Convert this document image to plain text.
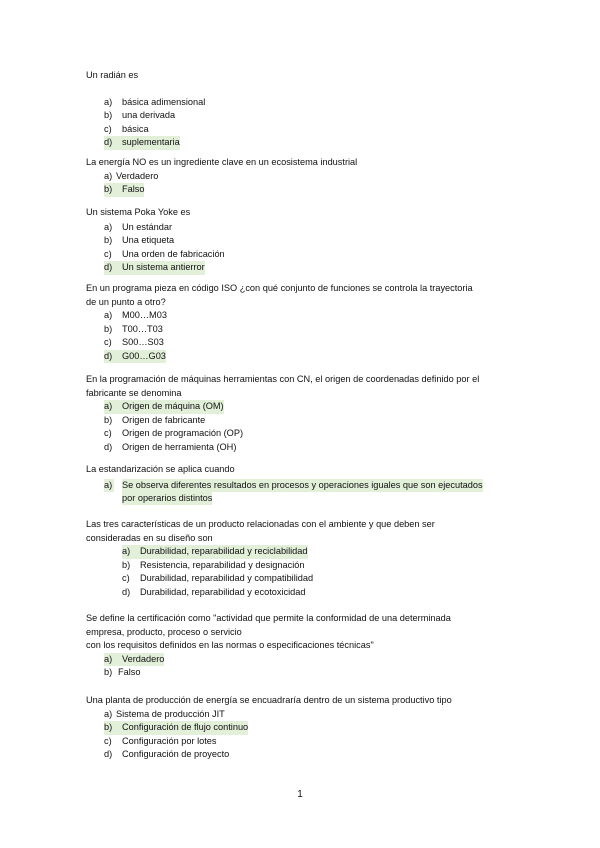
Un radián es

a)	básica adimensional
b)	una derivada
c)	básica
d)	suplementaria

La energía NO es un ingrediente clave en un ecosistema industrial

a) Verdadero
b)	Falso

Un sistema Poka Yoke es

a)	Un estándar
b)	Una etiqueta
c)	Una orden de fabricación
d)	Un sistema antierror

En un programa pieza en código ISO ¿con qué conjunto de funciones se controla la trayectoria

de un punto a otro?

a)	M00…M03
b)	T00…T03
c)	S00…S03
d)	G00…G03

En la programación de máquinas herramientas con CN, el origen de coordenadas definido por el

fabricante se denomina

a)	Origen de máquina (OM)
b)	Origen de fabricante
c)	Origen de programación (OP)
d)	Origen de herramienta (OH)

La estandarización se aplica cuando

a) Se observa diferentes resultados en procesos y operaciones iguales que son ejecutados
por operarios distintos

Las tres características de un producto relacionadas con el ambiente y que deben ser

consideradas en su diseño son

a)	Durabilidad, reparabilidad y reciclabilidad
b)	Resistencia, reparabilidad y designación
c)	Durabilidad, reparabilidad y compatibilidad
d)	Durabilidad, reparabilidad y ecotoxicidad

Se define la certificación como "actividad que permite la conformidad de una determinada

empresa, producto, proceso o servicio

con los requisitos definidos en las normas o especificaciones técnicas"

a)	Verdadero
b) Falso

Una planta de producción de energía se encuadraría dentro de un sistema productivo tipo

a) Sistema de producción JIT
b)	Configuración de flujo continuo
c)	Configuración por lotes
d)	Configuración de proyecto
1
